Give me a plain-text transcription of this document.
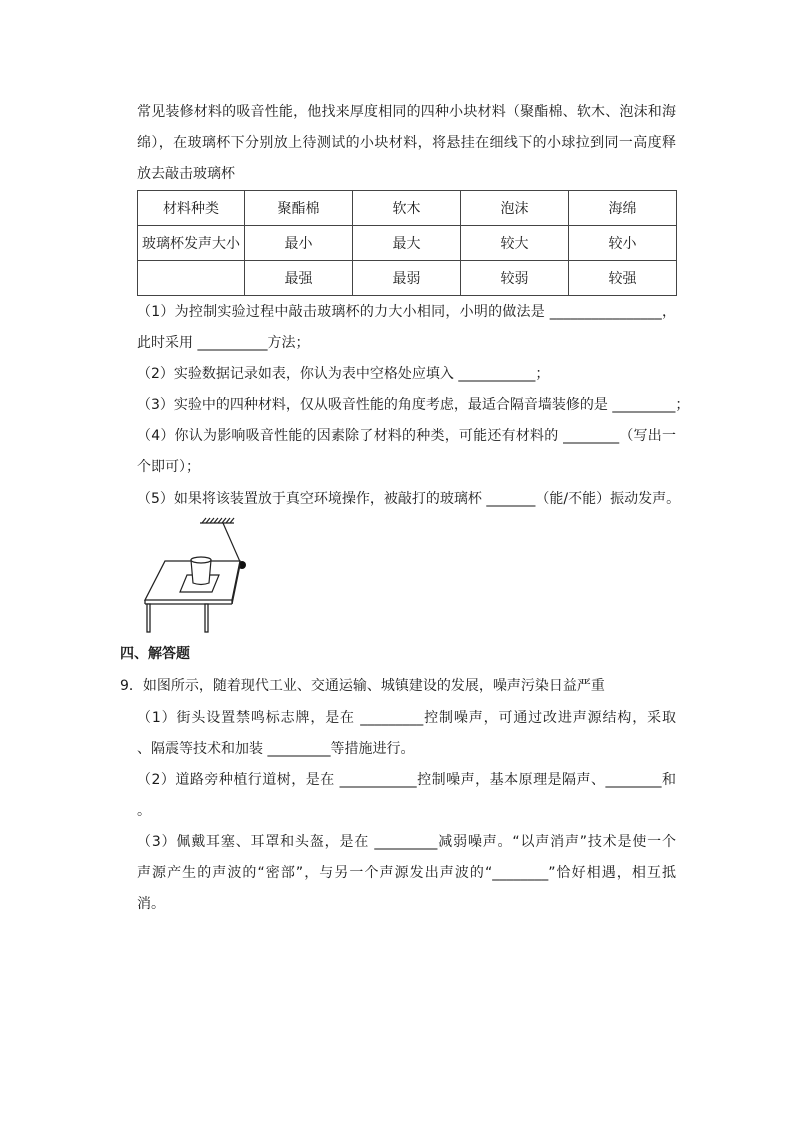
常见装修材料的吸音性能，他找来厚度相同的四种小块材料（聚酯棉、软木、泡沫和海
绵），在玻璃杯下分别放上待测试的小块材料，将悬挂在细线下的小球拉到同一高度释
放去敲击玻璃杯
材料种类	聚酯棉	软木	泡沫	海绵
玻璃杯发声大小	最小	最大	较大	较小
	最强	最弱	较弱	较强
（1）为控制实验过程中敲击玻璃杯的力大小相同，小明的做法是 ________________，
此时采用 __________方法；
（2）实验数据记录如表，你认为表中空格处应填入 ___________；
（3）实验中的四种材料，仅从吸音性能的角度考虑，最适合隔音墙装修的是 _________；
（4）你认为影响吸音性能的因素除了材料的种类，可能还有材料的 ________（写出一
个即可）；
（5）如果将该装置放于真空环境操作，被敲打的玻璃杯 _______（能/不能）振动发声。
四、解答题
9．如图所示，随着现代工业、交通运输、城镇建设的发展，噪声污染日益严重
（1）街头设置禁鸣标志牌，是在 _________控制噪声，可通过改进声源结构，采取
、隔震等技术和加装 _________等措施进行。
（2）道路旁种植行道树，是在 ___________控制噪声，基本原理是隔声、________和
。
（3）佩戴耳塞、耳罩和头盔，是在 _________减弱噪声。“以声消声”技术是使一个
声源产生的声波的“密部”，与另一个声源发出声波的“________”恰好相遇，相互抵
消。
